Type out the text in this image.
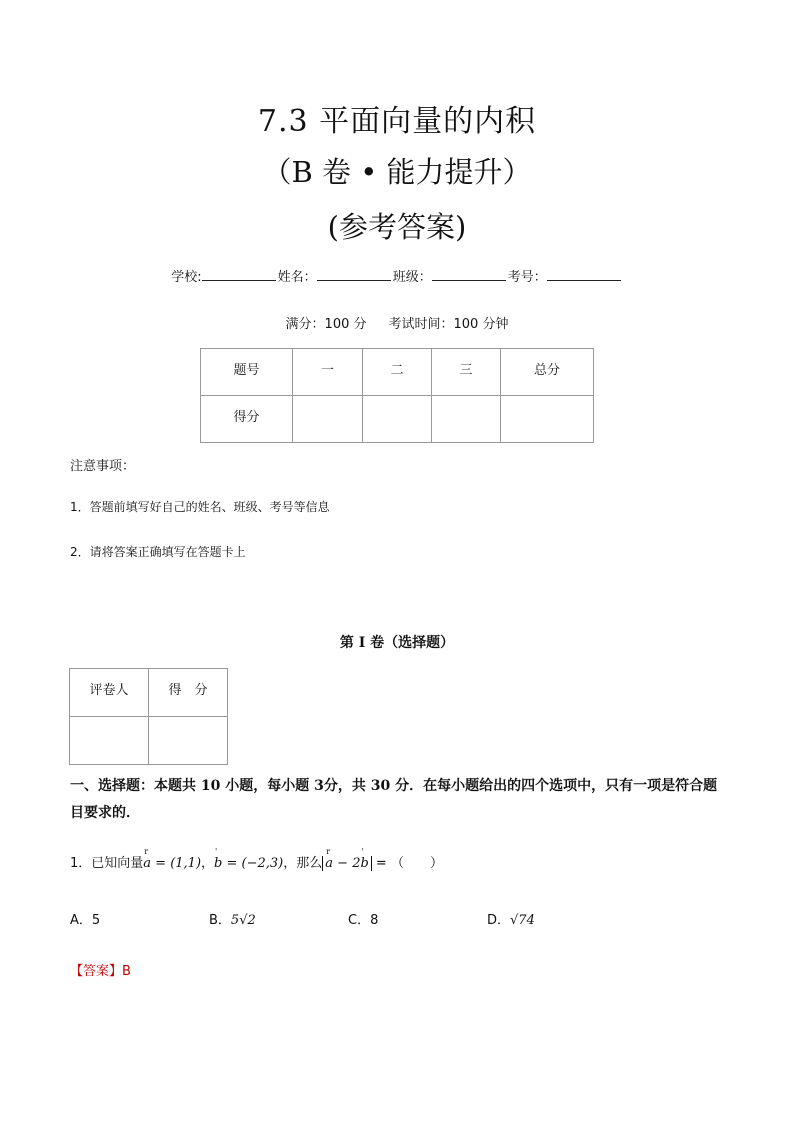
7.3 平面向量的内积
（B 卷 • 能力提升）
(参考答案)
学校:	姓名：	班级：	考号：
满分：100 分 考试时间：100 分钟
题号	一	二	三	总分
得分				
注意事项：
1．答题前填写好自己的姓名、班级、考号等信息
2．请将答案正确填写在答题卡上
第 I 卷（选择题）
评卷人	得　分

一、选择题：本题共 10 小题，每小题 3分，共 30 分．在每小题给出的四个选项中，只有一项是符合题目要求的．
1．已知向量
r
a = (1,1)，
'
b = (−2,3)，那么
r
a − 2
'
b = （　　）
A．5	B．5√2	C．8	D．√74
【答案】B
